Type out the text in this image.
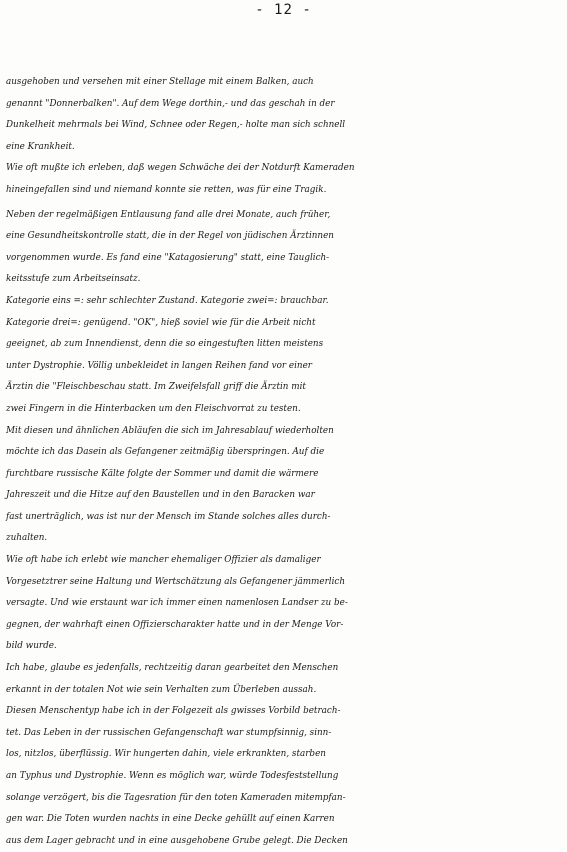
- 12 -
ausgehoben und versehen mit einer Stellage mit einem Balken, auch
genannt "Donnerbalken". Auf dem Wege dorthin,- und das geschah in der
Dunkelheit mehrmals bei Wind, Schnee oder Regen,- holte man sich schnell
eine Krankheit.
Wie oft mußte ich erleben, daß wegen Schwäche dei der Notdurft Kameraden
hineingefallen sind und niemand konnte sie retten, was für eine Tragik.
Neben der regelmäßigen Entlausung fand alle drei Monate, auch früher,
eine Gesundheitskontrolle statt, die in der Regel von jüdischen Ärztinnen
vorgenommen wurde. Es fand eine "Katagosierung" statt, eine Tauglich-
keitsstufe zum Arbeitseinsatz.
Kategorie eins =: sehr schlechter Zustand. Kategorie zwei=: brauchbar.
Kategorie drei=: genügend. "OK", hieß soviel wie für die Arbeit nicht
geeignet, ab zum Innendienst, denn die so eingestuften litten meistens
unter Dystrophie. Völlig unbekleidet in langen Reihen fand vor einer
Ärztin die "Fleischbeschau statt. Im Zweifelsfall griff die Ärztin mit
zwei Fingern in die Hinterbacken um den Fleischvorrat zu testen.
Mit diesen und ähnlichen Abläufen die sich im Jahresablauf wiederholten
möchte ich das Dasein als Gefangener zeitmäßig überspringen. Auf die
furchtbare russische Kälte folgte der Sommer und damit die wärmere
Jahreszeit und die Hitze auf den Baustellen und in den Baracken war
fast unerträglich, was ist nur der Mensch im Stande solches alles durch-
zuhalten.
Wie oft habe ich erlebt wie mancher ehemaliger Offizier als damaliger
Vorgesetztrer seine Haltung und Wertschätzung als Gefangener jämmerlich
versagte. Und wie erstaunt war ich immer einen namenlosen Landser zu be-
gegnen, der wahrhaft einen Offizierscharakter hatte und in der Menge Vor-
bild wurde.
Ich habe, glaube es jedenfalls, rechtzeitig daran gearbeitet den Menschen
erkannt in der totalen Not wie sein Verhalten zum Überleben aussah.
Diesen Menschentyp habe ich in der Folgezeit als gwisses Vorbild betrach-
tet. Das Leben in der russischen Gefangenschaft war stumpfsinnig, sinn-
los, nitzlos, überflüssig. Wir hungerten dahin, viele erkrankten, starben
an Typhus und Dystrophie. Wenn es möglich war, würde Todesfeststellung
solange verzögert, bis die Tagesration für den toten Kameraden mitempfan-
gen war. Die Toten wurden nachts in eine Decke gehüllt auf einen Karren
aus dem Lager gebracht und in eine ausgehobene Grube gelegt. Die Decken
